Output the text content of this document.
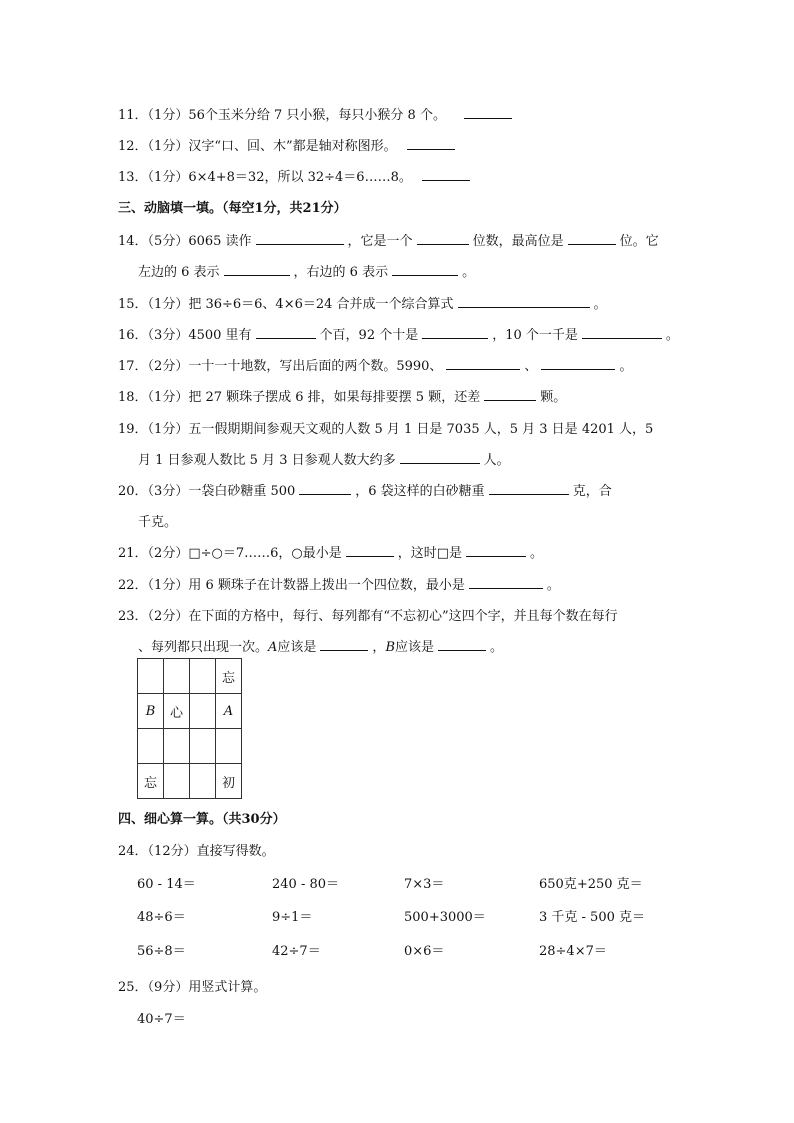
11．（1分）56个玉米分给 7 只小猴，每只小猴分 8 个。
12．（1分）汉字“口、回、木”都是轴对称图形。
13．（1分）6×4+8＝32，所以 32÷4＝6……8。
三、动脑填一填。（每空1分，共21分）
14．（5分）6065 读作	，它是一个	位数，最高位是	位。它
左边的 6 表示	，右边的 6 表示	。
15．（1分）把 36÷6＝6、4×6＝24 合并成一个综合算式	。
16．（3分）4500 里有	个百，92 个十是	，10 个一千是	。
17．（2分）一十一十地数，写出后面的两个数。5990、	、	。
18．（1分）把 27 颗珠子摆成 6 排，如果每排要摆 5 颗，还差	颗。
19．（1分）五一假期期间参观天文观的人数 5 月 1 日是 7035 人，5 月 3 日是 4201 人，5
月 1 日参观人数比 5 月 3 日参观人数大约多	人。
20．（3分）一袋白砂糖重 500	，6 袋这样的白砂糖重	克，合
千克。
21．（2分）□÷○＝7……6，○最小是	，这时□是	。
22．（1分）用 6 颗珠子在计数器上拨出一个四位数，最小是	。
23．（2分）在下面的方格中，每行、每列都有“不忘初心”这四个字，并且每个数在每行
、每列都只出现一次。A应该是	，B应该是	。
			忘
B	心		A

忘			初
四、细心算一算。（共30分）
24．（12分）直接写得数。
60 - 14＝	240 - 80＝	7×3＝	650克+250 克＝
48÷6＝	9÷1＝	500+3000＝	3 千克 - 500 克＝
56÷8＝	42÷7＝	0×6＝	28÷4×7＝
25．（9分）用竖式计算。
40÷7＝
